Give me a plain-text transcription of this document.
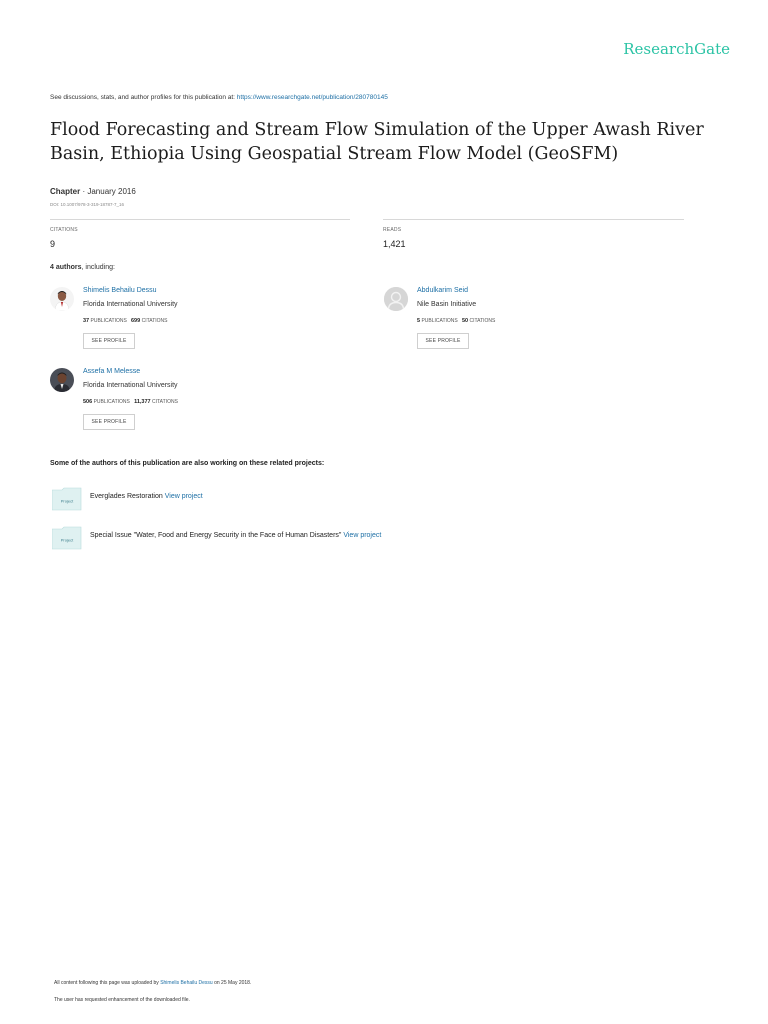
ResearchGate
See discussions, stats, and author profiles for this publication at: https://www.researchgate.net/publication/280780145
Flood Forecasting and Stream Flow Simulation of the Upper Awash River Basin, Ethiopia Using Geospatial Stream Flow Model (GeoSFM)
Chapter · January 2016
DOI: 10.1007/978-3-319-18787-7_16
CITATIONS
9
READS
1,421
4 authors, including:
Shimelis Behailu Dessu
Florida International University
37 PUBLICATIONS 699 CITATIONS
SEE PROFILE
Abdulkarim Seid
Nile Basin Initiative
5 PUBLICATIONS 50 CITATIONS
SEE PROFILE
Assefa M Melesse
Florida International University
506 PUBLICATIONS 11,377 CITATIONS
SEE PROFILE
Some of the authors of this publication are also working on these related projects:
Project
Everglades Restoration View project
Project
Special Issue "Water, Food and Energy Security in the Face of Human Disasters" View project
All content following this page was uploaded by Shimelis Behailu Dessu on 25 May 2018.
The user has requested enhancement of the downloaded file.
